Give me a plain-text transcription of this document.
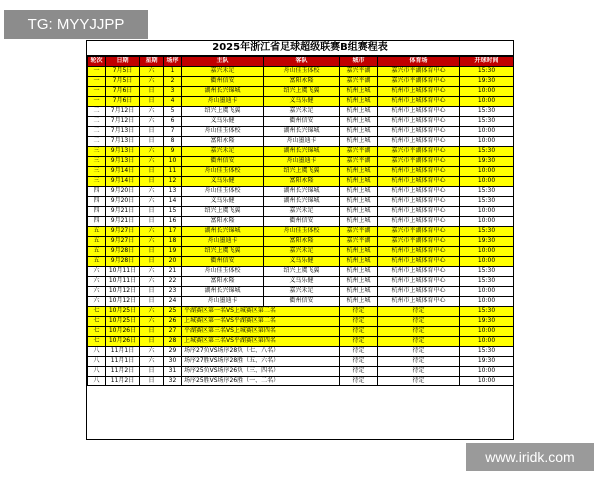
TG: MYYJJPP
2025年浙江省足球超级联赛B组赛程表
轮次	日期	星期	场序	主队	客队	城市	体育场	开球时间
一	7月5日	六	1	嘉兴禾足	舟山佳玉体校	嘉兴平湖	嘉兴市平湖体育中心	15:30
一	7月5日	六	2	衢州信安	富阳永隆	嘉兴平湖	嘉兴市平湖体育中心	19:30
一	7月6日	日	3	湖州长兴锦城	绍兴上虞飞翼	杭州上城	杭州市上城体育中心	10:00
一	7月6日	日	4	舟山墨迪卡	义乌乐健	杭州上城	杭州市上城体育中心	10:00
二	7月12日	六	5	绍兴上虞飞翼	嘉兴禾足	杭州上城	杭州市上城体育中心	15:30
二	7月12日	六	6	义乌乐健	衢州信安	杭州上城	杭州市上城体育中心	15:30
二	7月13日	日	7	舟山佳玉体校	湖州长兴锦城	杭州上城	杭州市上城体育中心	10:00
二	7月13日	日	8	富阳永隆	舟山墨迪卡	杭州上城	杭州市上城体育中心	10:00
三	9月13日	六	9	嘉兴禾足	湖州长兴锦城	嘉兴平湖	嘉兴市平湖体育中心	15:30
三	9月13日	六	10	衢州信安	舟山墨迪卡	嘉兴平湖	嘉兴市平湖体育中心	19:30
三	9月14日	日	11	舟山佳玉体校	绍兴上虞飞翼	杭州上城	杭州市上城体育中心	10:00
三	9月14日	日	12	义乌乐健	富阳永隆	杭州上城	杭州市上城体育中心	10:00
四	9月20日	六	13	舟山佳玉体校	湖州长兴锦城	杭州上城	杭州市上城体育中心	15:30
四	9月20日	六	14	义乌乐健	湖州长兴锦城	杭州上城	杭州市上城体育中心	15:30
四	9月21日	日	15	绍兴上虞飞翼	嘉兴禾足	杭州上城	杭州市上城体育中心	10:00
四	9月21日	日	16	富阳永隆	衢州信安	杭州上城	杭州市上城体育中心	10:00
五	9月27日	六	17	湖州长兴锦城	舟山佳玉体校	嘉兴平湖	嘉兴市平湖体育中心	15:30
五	9月27日	六	18	舟山墨迪卡	富阳永隆	嘉兴平湖	嘉兴市平湖体育中心	19:30
五	9月28日	日	19	绍兴上虞飞翼	嘉兴禾足	杭州上城	杭州市上城体育中心	10:00
五	9月28日	日	20	衢州信安	义乌乐健	杭州上城	杭州市上城体育中心	10:00
六	10月11日	六	21	舟山佳玉体校	绍兴上虞飞翼	杭州上城	杭州市上城体育中心	15:30
六	10月11日	六	22	富阳永隆	义乌乐健	杭州上城	杭州市上城体育中心	15:30
六	10月12日	日	23	湖州长兴锦城	嘉兴禾足	杭州上城	杭州市上城体育中心	10:00
六	10月12日	日	24	舟山墨迪卡	衢州信安	杭州上城	杭州市上城体育中心	10:00
七	10月25日	六	25	平湖赛区第一名VS上城赛区第二名		待定	待定	15:30
七	10月25日	六	26	上城赛区第一名VS平湖赛区第二名		待定	待定	19:30
七	10月26日	日	27	平湖赛区第三名VS上城赛区第四名		待定	待定	10:00
七	10月26日	日	28	上城赛区第三名VS平湖赛区第四名		待定	待定	10:00
八	11月1日	六	29	场序27负VS场序28负（七、八名）		待定	待定	15:30
八	11月1日	六	30	场序27胜VS场序28胜（五、六名）		待定	待定	19:30
八	11月2日	日	31	场序25负VS场序26负（三、四名）		待定	待定	10:00
八	11月2日	日	32	场序25胜VS场序26胜（一、二名）		待定	待定	10:00
www.iridk.com
